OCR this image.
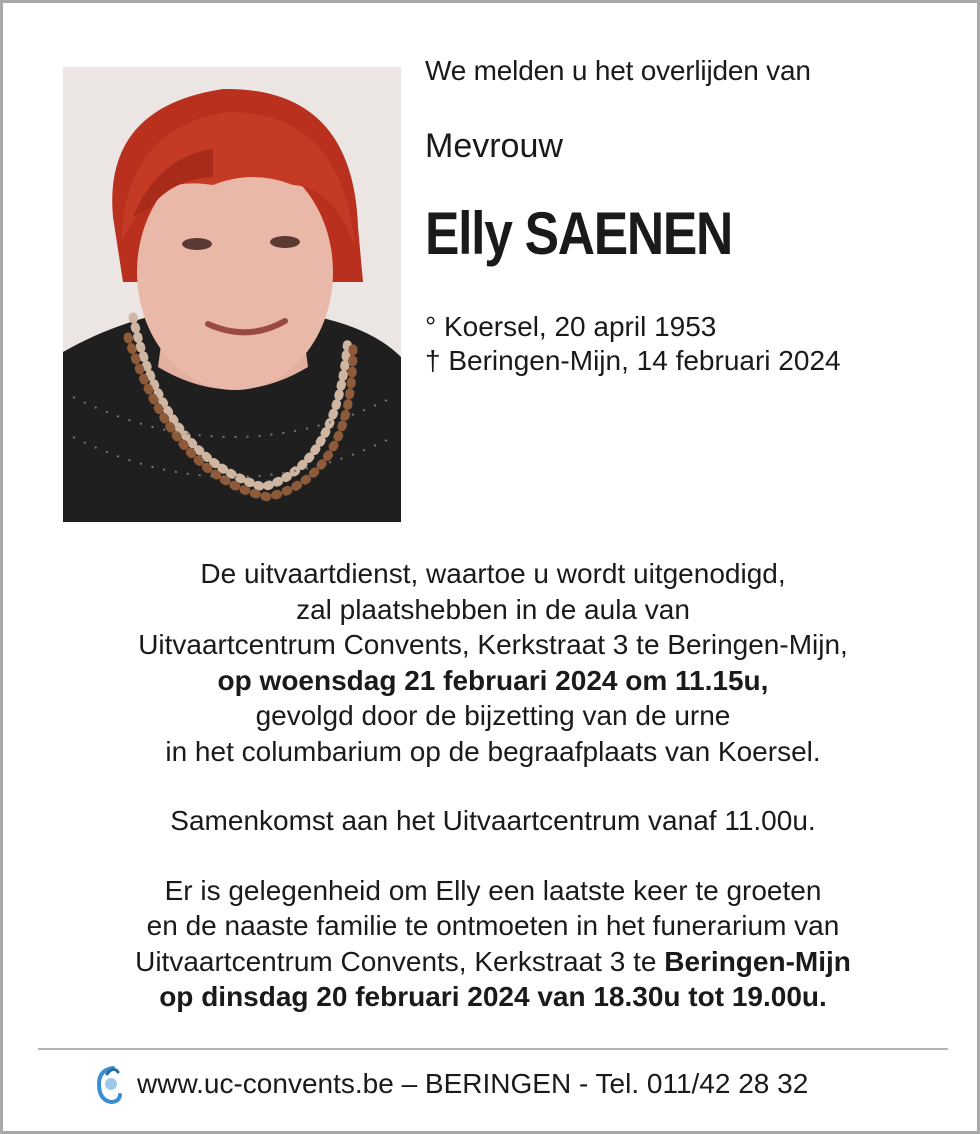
We melden u het overlijden van
Mevrouw
Elly SAENEN
° Koersel, 20 april 1953
† Beringen-Mijn, 14 februari 2024
De uitvaartdienst, waartoe u wordt uitgenodigd,
zal plaatshebben in de aula van
Uitvaartcentrum Convents, Kerkstraat 3 te Beringen-Mijn,
op woensdag 21 februari 2024 om 11.15u,
gevolgd door de bijzetting van de urne
in het columbarium op de begraafplaats van Koersel.
Samenkomst aan het Uitvaartcentrum vanaf 11.00u.
Er is gelegenheid om Elly een laatste keer te groeten
en de naaste familie te ontmoeten in het funerarium van
Uitvaartcentrum Convents, Kerkstraat 3 te Beringen-Mijn
op dinsdag 20 februari 2024 van 18.30u tot 19.00u.
www.uc-convents.be – BERINGEN - Tel. 011/42 28 32
